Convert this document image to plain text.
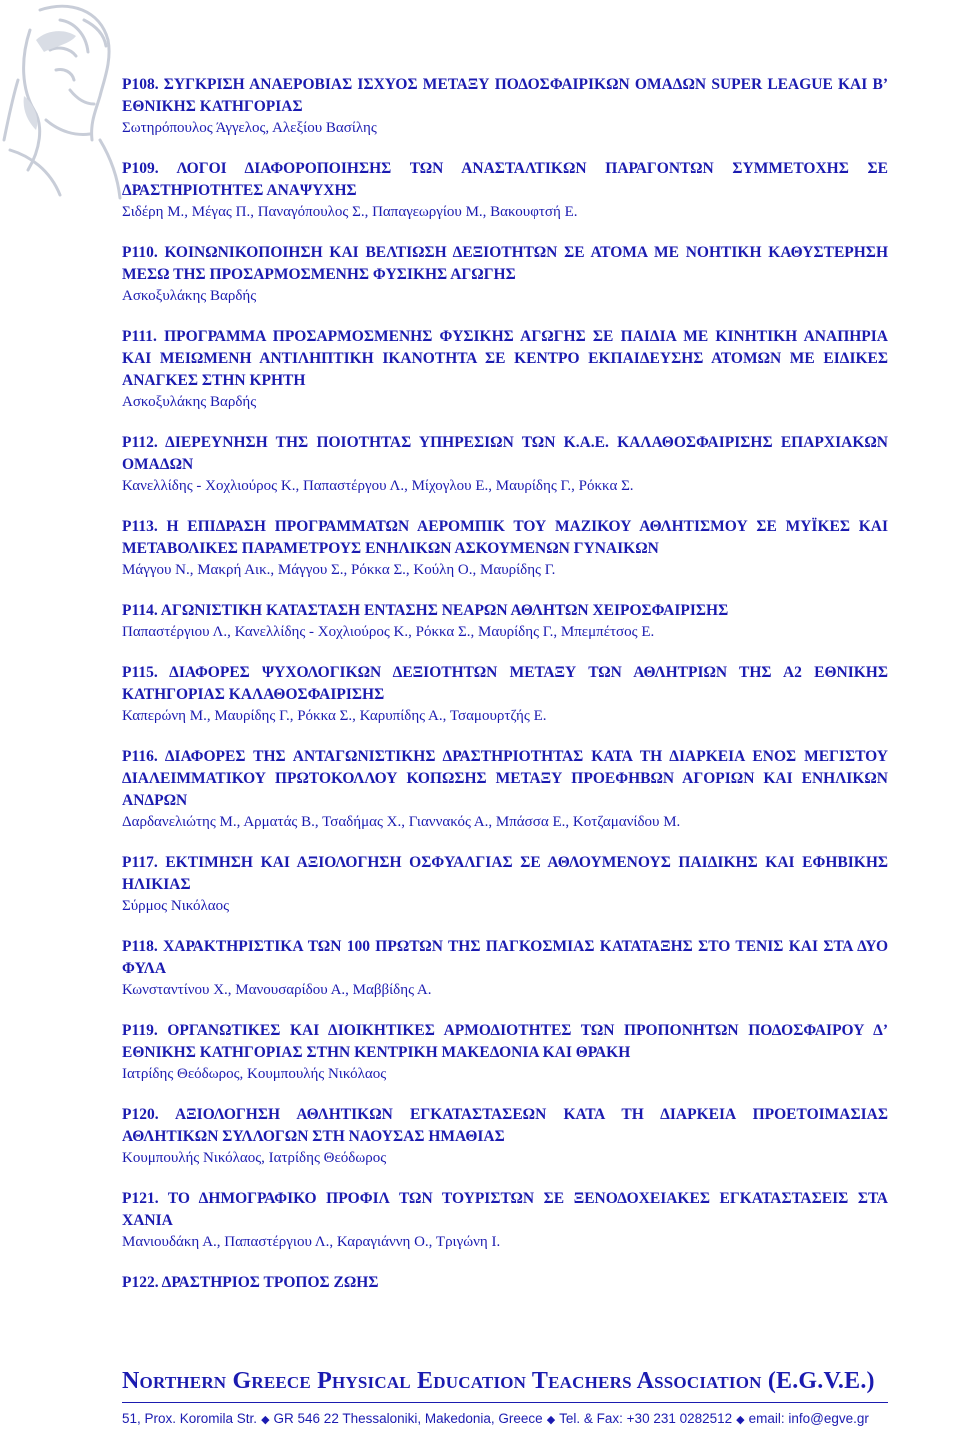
Ρ108. ΣΥΓΚΡΙΣΗ ΑΝΑΕΡΟΒΙΑΣ ΙΣΧΥΟΣ ΜΕΤΑΞΥ ΠΟΔΟΣΦΑΙΡΙΚΩΝ ΟΜΑΔΩΝ SUPER LEAGUE ΚΑΙ Β’ ΕΘΝΙΚΗΣ ΚΑΤΗΓΟΡΙΑΣ
Σωτηρόπουλος Άγγελος, Αλεξίου Βασίλης
Ρ109. ΛΟΓΟΙ ΔΙΑΦΟΡΟΠΟΙΗΣΗΣ ΤΩΝ ΑΝΑΣΤΑΛΤΙΚΩΝ ΠΑΡΑΓΟΝΤΩΝ ΣΥΜΜΕΤΟΧΗΣ ΣΕ ΔΡΑΣΤΗΡΙΟΤΗΤΕΣ ΑΝΑΨΥΧΗΣ
Σιδέρη Μ., Μέγας Π., Παναγόπουλος Σ., Παπαγεωργίου Μ., Βακουφτσή Ε.
Ρ110. ΚΟΙΝΩΝΙΚΟΠΟΙΗΣΗ ΚΑΙ ΒΕΛΤΙΩΣΗ ΔΕΞΙΟΤΗΤΩΝ ΣΕ ΑΤΟΜΑ ΜΕ ΝΟΗΤΙΚΗ ΚΑΘΥΣΤΕΡΗΣΗ ΜΕΣΩ ΤΗΣ ΠΡΟΣΑΡΜΟΣΜΕΝΗΣ ΦΥΣΙΚΗΣ ΑΓΩΓΗΣ
Ασκοξυλάκης Βαρδής
Ρ111. ΠΡΟΓΡΑΜΜΑ ΠΡΟΣΑΡΜΟΣΜΕΝΗΣ ΦΥΣΙΚΗΣ ΑΓΩΓΗΣ ΣΕ ΠΑΙΔΙΑ ΜΕ ΚΙΝΗΤΙΚΗ ΑΝΑΠΗΡΙΑ ΚΑΙ ΜΕΙΩΜΕΝΗ ΑΝΤΙΛΗΠΤΙΚΗ ΙΚΑΝΟΤΗΤΑ ΣΕ ΚΕΝΤΡΟ ΕΚΠΑΙΔΕΥΣΗΣ ΑΤΟΜΩΝ ΜΕ ΕΙΔΙΚΕΣ ΑΝΑΓΚΕΣ ΣΤΗΝ ΚΡΗΤΗ
Ασκοξυλάκης Βαρδής
Ρ112. ΔΙΕΡΕΥΝΗΣΗ ΤΗΣ ΠΟΙΟΤΗΤΑΣ ΥΠΗΡΕΣΙΩΝ ΤΩΝ Κ.Α.Ε. ΚΑΛΑΘΟΣΦΑΙΡΙΣΗΣ ΕΠΑΡΧΙΑΚΩΝ ΟΜΑΔΩΝ
Κανελλίδης - Χοχλιούρος Κ., Παπαστέργου Λ., Μίχογλου Ε., Μαυρίδης Γ., Ρόκκα Σ.
Ρ113. Η ΕΠΙΔΡΑΣΗ ΠΡΟΓΡΑΜΜΑΤΩΝ ΑΕΡΟΜΠΙΚ ΤΟΥ ΜΑΖΙΚΟΥ ΑΘΛΗΤΙΣΜΟΥ ΣΕ ΜΥΪΚΕΣ ΚΑΙ ΜΕΤΑΒΟΛΙΚΕΣ ΠΑΡΑΜΕΤΡΟΥΣ ΕΝΗΛΙΚΩΝ ΑΣΚΟΥΜΕΝΩΝ ΓΥΝΑΙΚΩΝ
Μάγγου Ν., Μακρή Αικ., Μάγγου Σ., Ρόκκα Σ., Κούλη Ο., Μαυρίδης Γ.
Ρ114. ΑΓΩΝΙΣΤΙΚΗ ΚΑΤΑΣΤΑΣΗ ΕΝΤΑΣΗΣ ΝΕΑΡΩΝ ΑΘΛΗΤΩΝ ΧΕΙΡΟΣΦΑΙΡΙΣΗΣ
Παπαστέργιου Λ., Κανελλίδης - Χοχλιούρος Κ., Ρόκκα Σ., Μαυρίδης Γ., Μπεμπέτσος Ε.
Ρ115. ΔΙΑΦΟΡΕΣ ΨΥΧΟΛΟΓΙΚΩΝ ΔΕΞΙΟΤΗΤΩΝ ΜΕΤΑΞΥ ΤΩΝ ΑΘΛΗΤΡΙΩΝ ΤΗΣ Α2 ΕΘΝΙΚΗΣ ΚΑΤΗΓΟΡΙΑΣ ΚΑΛΑΘΟΣΦΑΙΡΙΣΗΣ
Καπερώνη Μ., Μαυρίδης Γ., Ρόκκα Σ., Καρυπίδης Α., Τσαμουρτζής Ε.
Ρ116. ΔΙΑΦΟΡΕΣ ΤΗΣ ΑΝΤΑΓΩΝΙΣΤΙΚΗΣ ΔΡΑΣΤΗΡΙΟΤΗΤΑΣ ΚΑΤΑ ΤΗ ΔΙΑΡΚΕΙΑ ΕΝΟΣ ΜΕΓΙΣΤΟΥ ΔΙΑΛΕΙΜΜΑΤΙΚΟΥ ΠΡΩΤΟΚΟΛΛΟΥ ΚΟΠΩΣΗΣ ΜΕΤΑΞΥ ΠΡΟΕΦΗΒΩΝ ΑΓΟΡΙΩΝ ΚΑΙ ΕΝΗΛΙΚΩΝ ΑΝΔΡΩΝ
Δαρδανελιώτης Μ., Αρματάς Β., Τσαδήμας Χ., Γιαννακός Α., Μπάσσα Ε., Κοτζαμανίδου Μ.
Ρ117. ΕΚΤΙΜΗΣΗ ΚΑΙ ΑΞΙΟΛΟΓΗΣΗ ΟΣΦΥΑΛΓΙΑΣ ΣΕ ΑΘΛΟΥΜΕΝΟΥΣ ΠΑΙΔΙΚΗΣ ΚΑΙ ΕΦΗΒΙΚΗΣ ΗΛΙΚΙΑΣ
Σύρμος Νικόλαος
Ρ118. ΧΑΡΑΚΤΗΡΙΣΤΙΚΑ ΤΩΝ 100 ΠΡΩΤΩΝ ΤΗΣ ΠΑΓΚΟΣΜΙΑΣ ΚΑΤΑΤΑΞΗΣ ΣΤΟ ΤΕΝΙΣ ΚΑΙ ΣΤΑ ΔΥΟ ΦΥΛΑ
Κωνσταντίνου Χ., Μανουσαρίδου Α., Μαββίδης Α.
Ρ119. ΟΡΓΑΝΩΤΙΚΕΣ ΚΑΙ ΔΙΟΙΚΗΤΙΚΕΣ ΑΡΜΟΔΙΟΤΗΤΕΣ ΤΩΝ ΠΡΟΠΟΝΗΤΩΝ ΠΟΔΟΣΦΑΙΡΟΥ Δ’ ΕΘΝΙΚΗΣ ΚΑΤΗΓΟΡΙΑΣ ΣΤΗΝ ΚΕΝΤΡΙΚΗ ΜΑΚΕΔΟΝΙΑ ΚΑΙ ΘΡΑΚΗ
Ιατρίδης Θεόδωρος, Κουμπουλής Νικόλαος
Ρ120. ΑΞΙΟΛΟΓΗΣΗ ΑΘΛΗΤΙΚΩΝ ΕΓΚΑΤΑΣΤΑΣΕΩΝ ΚΑΤΑ ΤΗ ΔΙΑΡΚΕΙΑ ΠΡΟΕΤΟΙΜΑΣΙΑΣ ΑΘΛΗΤΙΚΩΝ ΣΥΛΛΟΓΩΝ ΣΤΗ ΝΑΟΥΣΑΣ ΗΜΑΘΙΑΣ
Κουμπουλής Νικόλαος, Ιατρίδης Θεόδωρος
Ρ121. ΤΟ ΔΗΜΟΓΡΑΦΙΚΟ ΠΡΟΦΙΛ ΤΩΝ ΤΟΥΡΙΣΤΩΝ ΣΕ ΞΕΝΟΔΟΧΕΙΑΚΕΣ ΕΓΚΑΤΑΣΤΑΣΕΙΣ ΣΤΑ ΧΑΝΙΑ
Μανιουδάκη Α., Παπαστέργιου Λ., Καραγιάννη Ο., Τριγώνη Ι.
Ρ122. ΔΡΑΣΤΗΡΙΟΣ ΤΡΟΠΟΣ ΖΩΗΣ
Northern Greece Physical Education Teachers Association (E.G.V.E.)
51, Prox. Koromila Str. ◆ GR 546 22 Thessaloniki, Makedonia, Greece ◆ Tel. & Fax: +30 231 0282512 ◆ email: info@egve.gr
